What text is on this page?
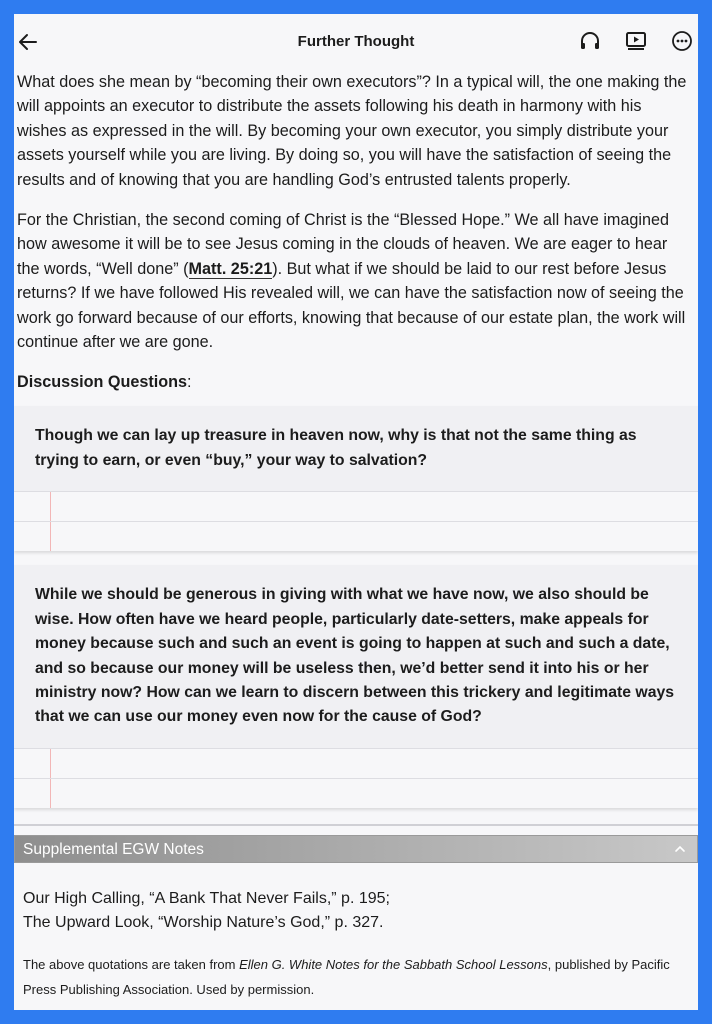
Further Thought

What does she mean by “becoming their own executors”? In a typical will, the one making the will appoints an executor to distribute the assets following his death in harmony with his wishes as expressed in the will. By becoming your own executor, you simply distribute your assets yourself while you are living. By doing so, you will have the satisfaction of seeing the results and of knowing that you are handling God’s entrusted talents properly.

For the Christian, the second coming of Christ is the “Blessed Hope.” We all have imagined how awesome it will be to see Jesus coming in the clouds of heaven. We are eager to hear the words, “Well done” (Matt. 25:21). But what if we should be laid to our rest before Jesus returns? If we have followed His revealed will, we can have the satisfaction now of seeing the work go forward because of our efforts, knowing that because of our estate plan, the work will continue after we are gone.

Discussion Questions:
Though we can lay up treasure in heaven now, why is that not the same thing as trying to earn, or even “buy,” your way to salvation?
While we should be generous in giving with what we have now, we also should be wise. How often have we heard people, particularly date-setters, make appeals for money because such and such an event is going to happen at such and such a date, and so because our money will be useless then, we’d better send it into his or her ministry now? How can we learn to discern between this trickery and legitimate ways that we can use our money even now for the cause of God?
Supplemental EGW Notes
Our High Calling, “A Bank That Never Fails,” p. 195;
The Upward Look, “Worship Nature’s God,” p. 327.
The above quotations are taken from Ellen G. White Notes for the Sabbath School Lessons, published by Pacific Press Publishing Association. Used by permission.
